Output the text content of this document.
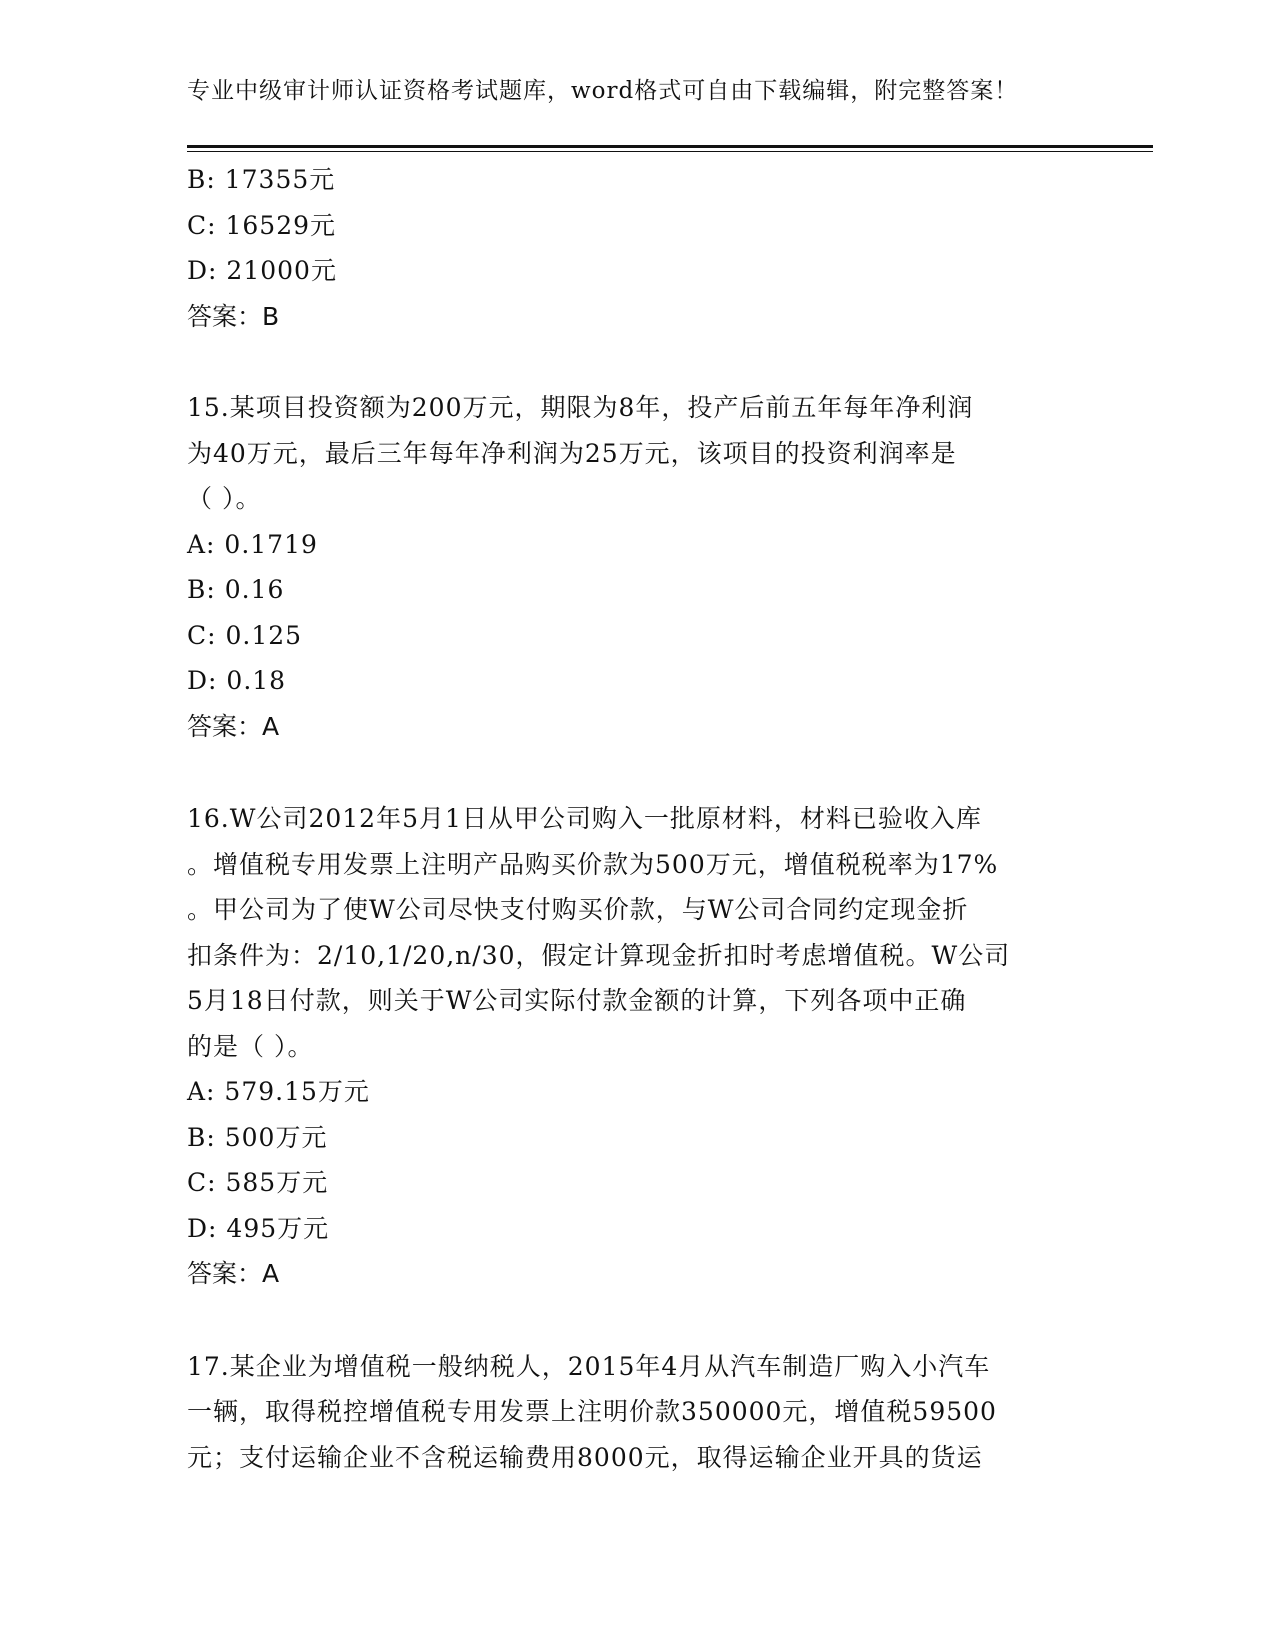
专业中级审计师认证资格考试题库，word格式可自由下载编辑，附完整答案！
B: 17355元
C: 16529元
D: 21000元
答案：B
15.某项目投资额为200万元，期限为8年，投产后前五年每年净利润
为40万元，最后三年每年净利润为25万元，该项目的投资利润率是
（ ）。
A: 0.1719
B: 0.16
C: 0.125
D: 0.18
答案：A
16.W公司2012年5月1日从甲公司购入一批原材料，材料已验收入库
。增值税专用发票上注明产品购买价款为500万元，增值税税率为17%
。甲公司为了使W公司尽快支付购买价款，与W公司合同约定现金折
扣条件为：2/10,1/20,n/30，假定计算现金折扣时考虑增值税。W公司
5月18日付款，则关于W公司实际付款金额的计算，下列各项中正确
的是（ ）。
A: 579.15万元
B: 500万元
C: 585万元
D: 495万元
答案：A
17.某企业为增值税一般纳税人，2015年4月从汽车制造厂购入小汽车
一辆，取得税控增值税专用发票上注明价款350000元，增值税59500
元；支付运输企业不含税运输费用8000元，取得运输企业开具的货运
